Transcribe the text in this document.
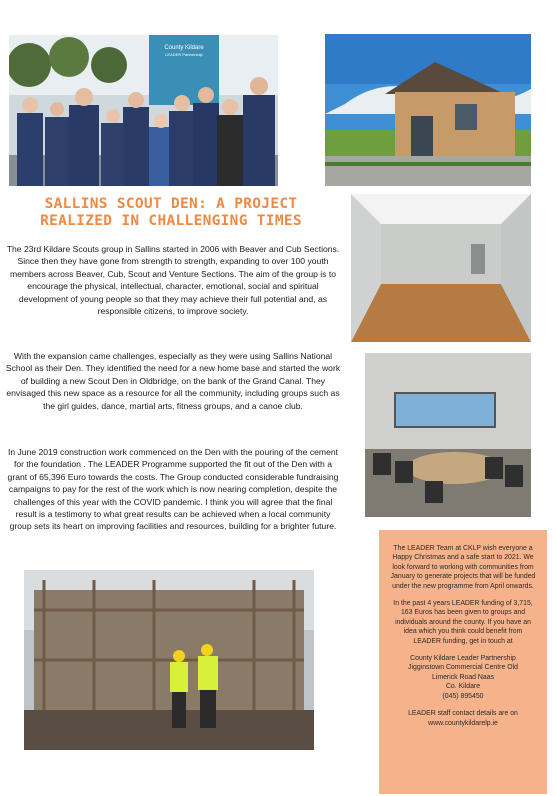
County Kildare
LEADER Partnership
SALLINS SCOUT DEN: A PROJECT REALIZED IN CHALLENGING TIMES
The 23rd Kildare Scouts group in Sallins started in 2006 with Beaver and Cub Sections. Since then they have gone from strength to strength, expanding to over 100 youth members across Beaver, Cub, Scout and Venture Sections. The aim of the group is to encourage the physical, intellectual, character, emotional, social and spiritual development of young people so that they may achieve their full potential and, as responsible citizens, to improve society.
With the expansion came challenges, especially as they were using Sallins National School as their Den. They identified the need for a new home base and started the work of building a new Scout Den in Oldbridge, on the bank of the Grand Canal. They envisaged this new space as a resource for all the community, including groups such as the girl guides, dance, martial arts, fitness groups, and a canoe club.
In June 2019 construction work commenced on the Den with the pouring of the cement for the foundation . The LEADER Programme supported the fit out of the Den with a grant of 65,396 Euro towards the costs. The Group conducted considerable fundraising campaigns to pay for the rest of the work which is now nearing completion, despite the challenges of this year with the COVID pandemic. I think you will agree that the final result is a testimony to what great results can be achieved when a local community group sets its heart on improving facilities and resources, building for a brighter future.

The LEADER Team at CKLP wish everyone a Happy Christmas and a safe start to 2021. We look forward to working with communities from January to generate projects that will be funded under the new programme from April onwards.

In the past 4 years LEADER funding of 3,715, 163 Euros has been given to groups and individuals around the county. If you have an idea which you think could benefit from LEADER funding, get in touch at

County Kildare Leader Partnership
Jigginstown Commercial Centre Old
Limerick Road Naas
Co. Kildare
(045) 895450

LEADER staff contact details are on www.countykildarelp.ie
